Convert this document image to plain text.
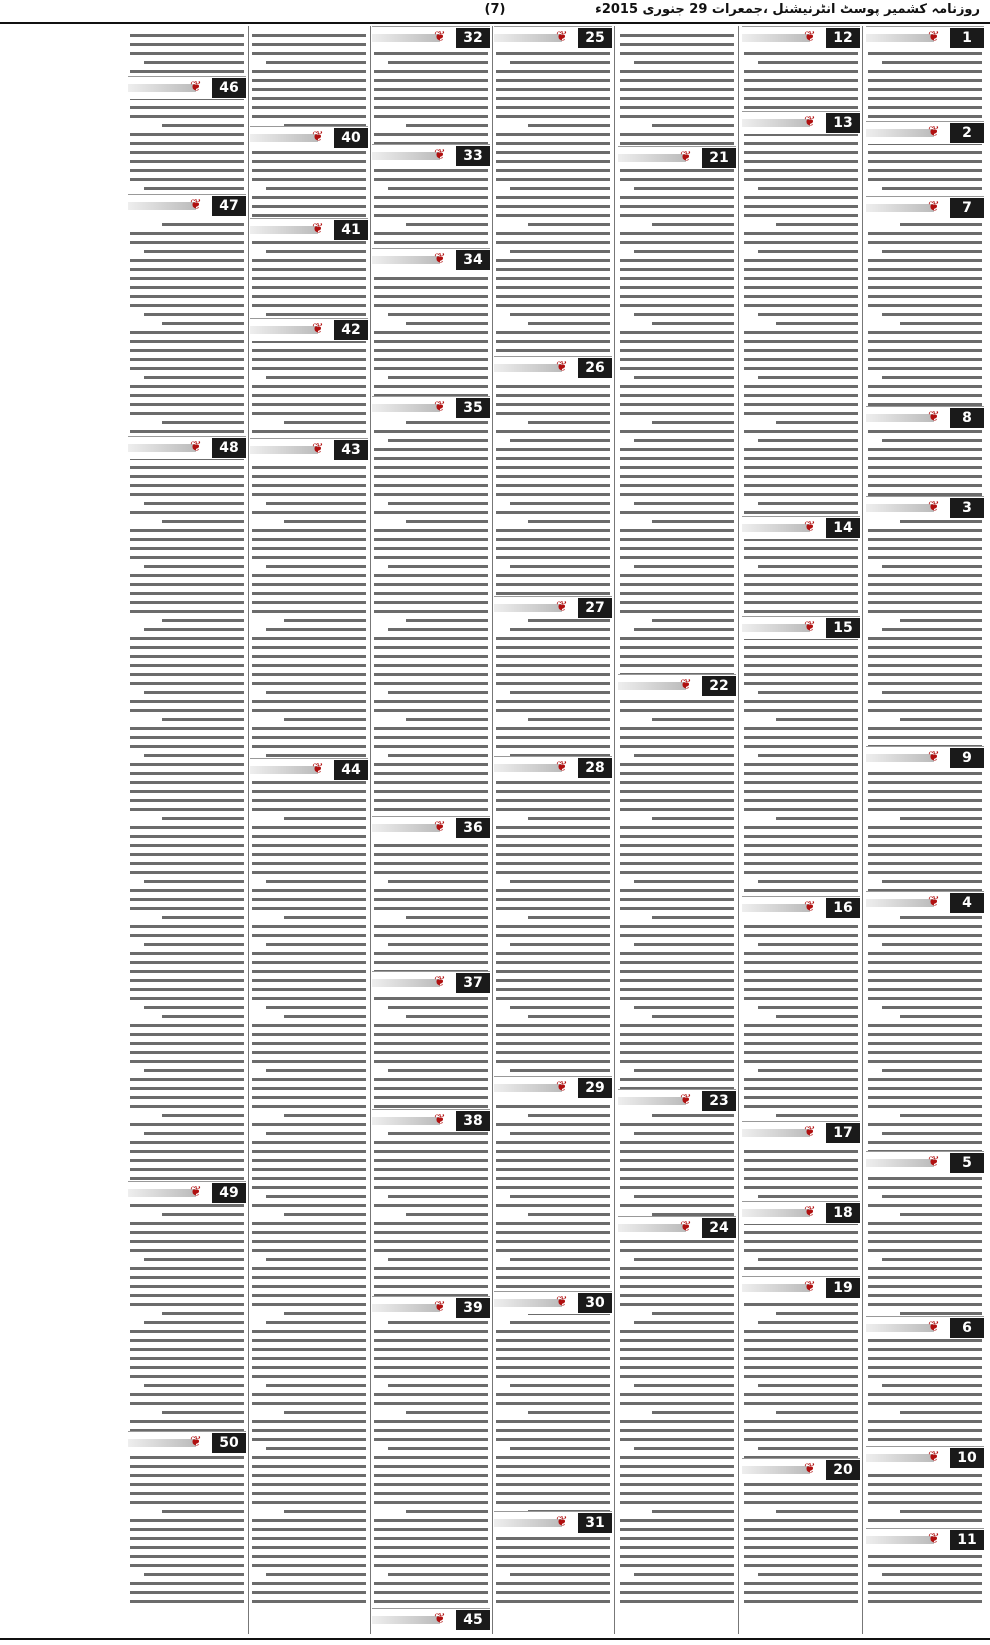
(7)	روزنامہ کشمیر پوسٹ انٹرنیشنل ،جمعرات 29 جنوری 2015ء
❦	1
❦	2
❦	3
❦	4
❦	5
❦	6
❦	7
❦	8
❦	9
❦	10
❦	11
❦	12
❦	13
❦	14
❦	15
❦	16
❦	17
❦	18
❦	19
❦	20
❦	21
❦	22
❦	23
❦	24
❦	25
❦	26
❦	27
❦	28
❦	29
❦	30
❦	31
❦	32
❦	33
❦	34
❦	35
❦	36
❦	37
❦	38
❦	39
❦	45
❦	40
❦	41
❦	42
❦	43
❦	44
❦	46
❦	47
❦	48
❦	49
❦	50
